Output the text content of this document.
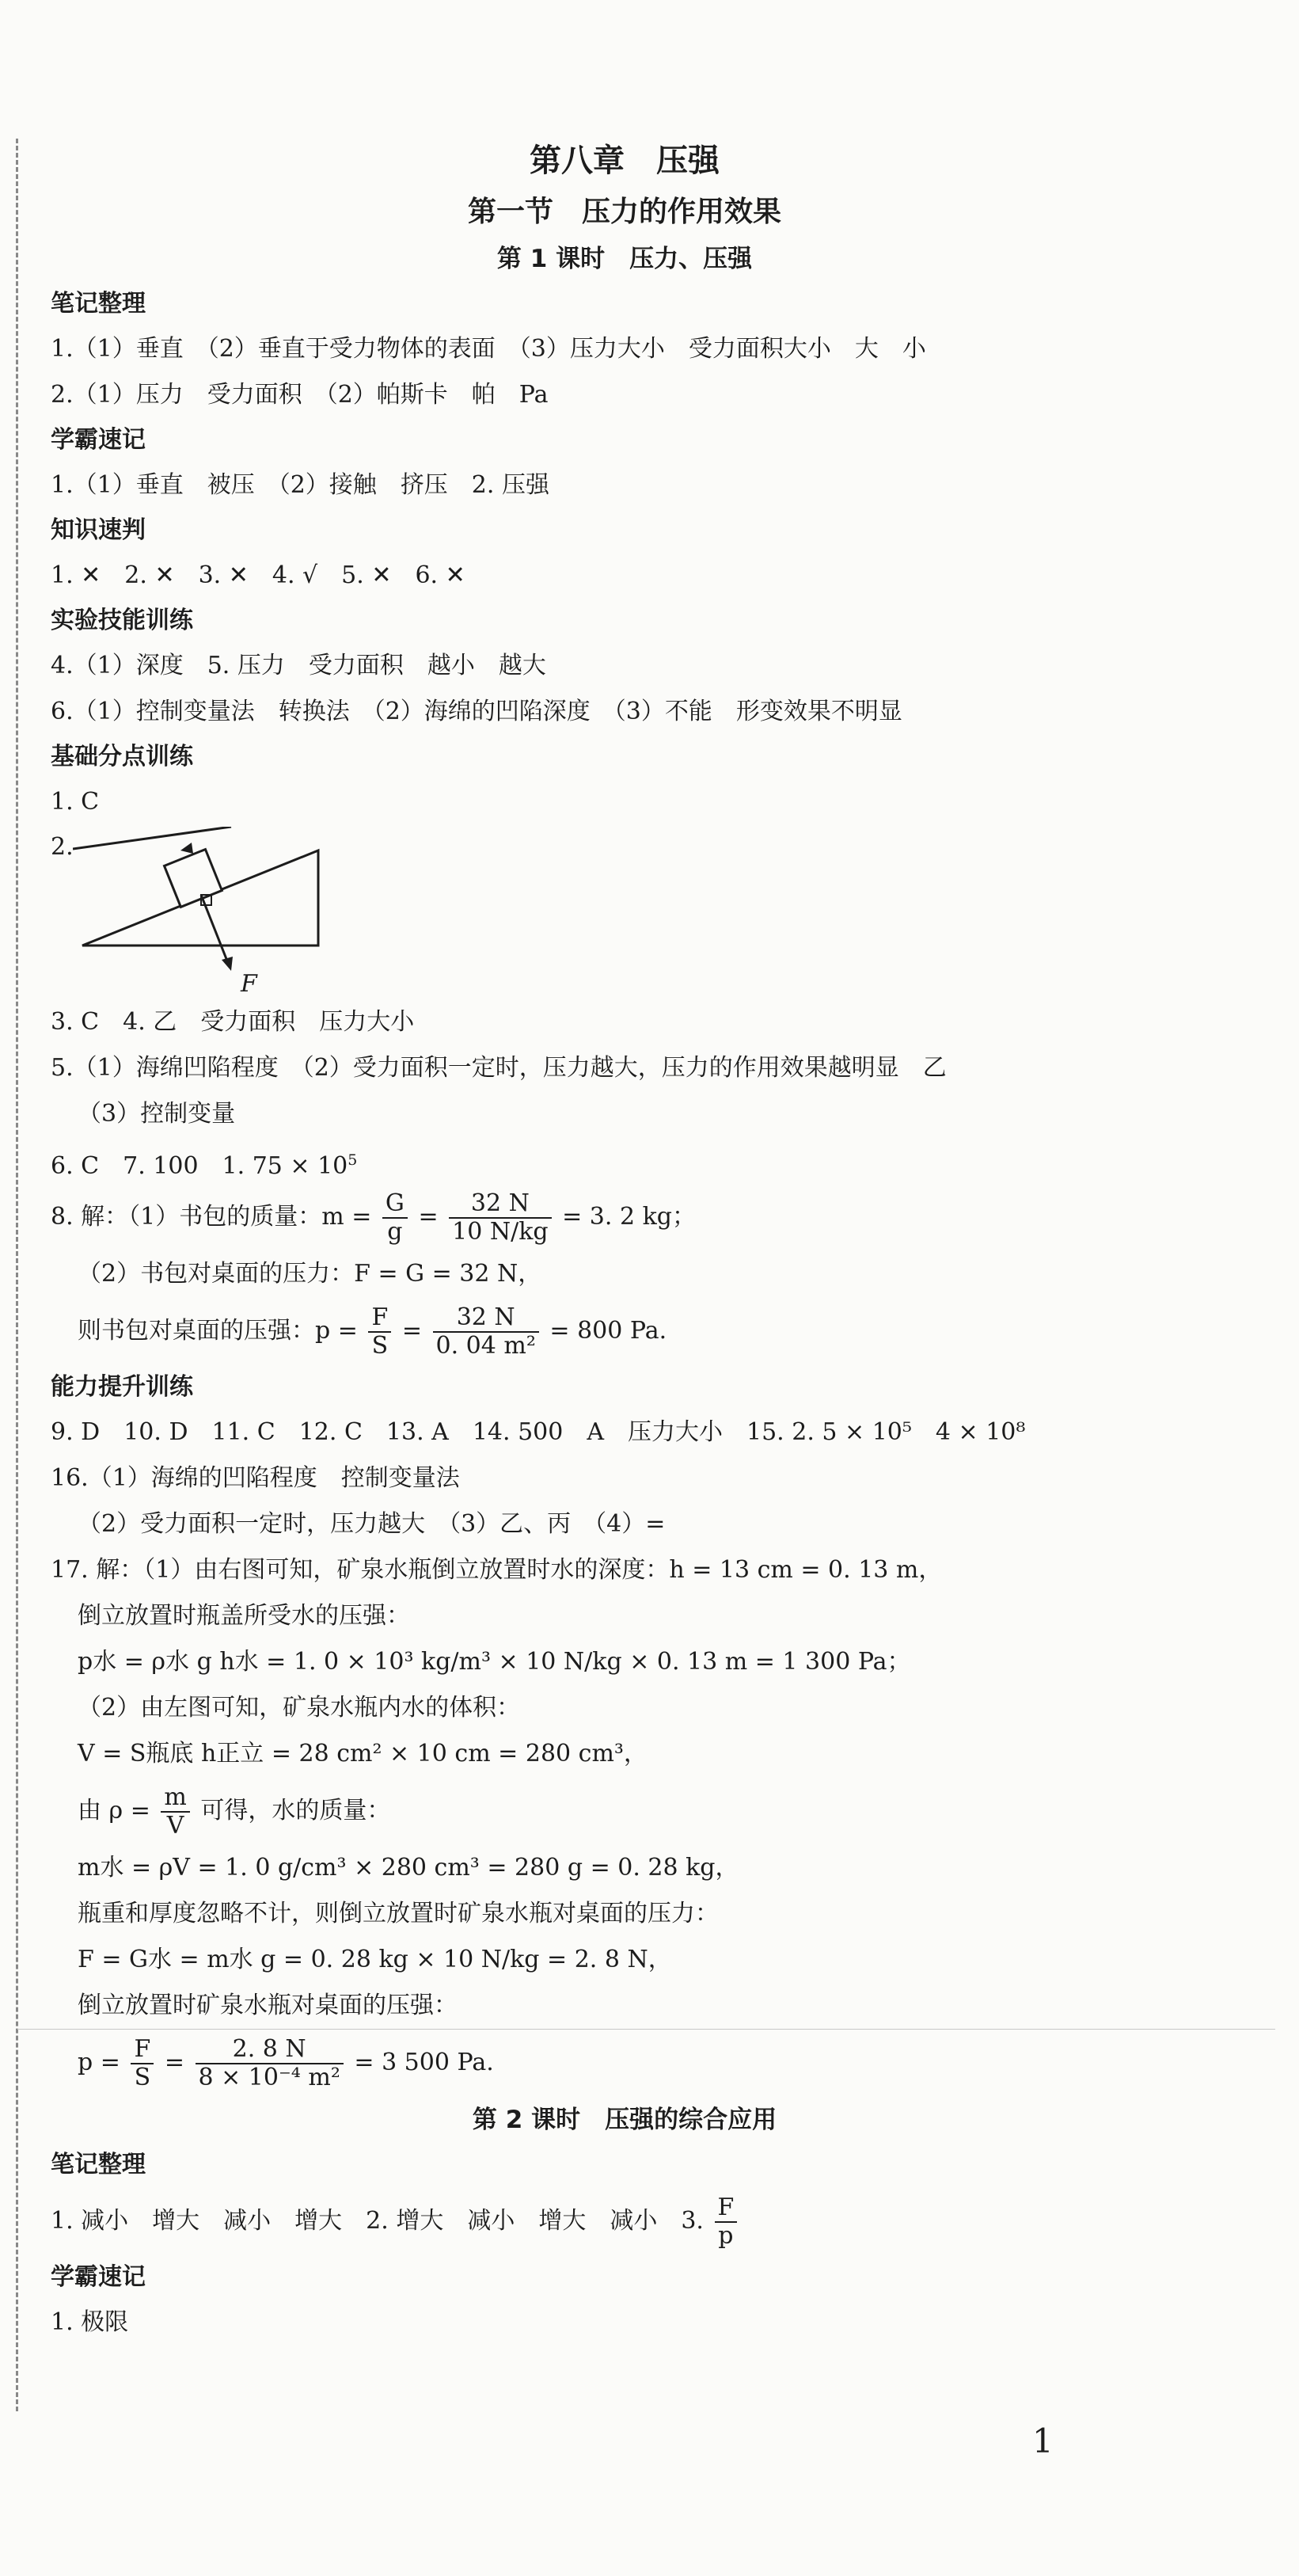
第八章　压强
第一节　压力的作用效果
第 1 课时　压力、压强
笔记整理
1.（1）垂直　（2）垂直于受力物体的表面　（3）压力大小　受力面积大小　大　小
2.（1）压力　受力面积　（2）帕斯卡　帕　Pa
学霸速记
1.（1）垂直　被压　（2）接触　挤压　2. 压强
知识速判
1. ✕　2. ✕　3. ✕　4. √　5. ✕　6. ✕
实验技能训练
4.（1）深度　5. 压力　受力面积　越小　越大
6.（1）控制变量法　转换法　（2）海绵的凹陷深度　（3）不能　形变效果不明显
基础分点训练
1. C
2.
F
3. C　4. 乙　受力面积　压力大小
5.（1）海绵凹陷程度　（2）受力面积一定时，压力越大，压力的作用效果越明显　乙
（3）控制变量
6. C　7. 100　1. $75 \times 10^5$
8. 解：（1）书包的质量：$m = \frac{G}{g} = \frac{32 N}{10 N/kg} = 3$. 2 kg；
（2）书包对桌面的压力：F = G = 32 N，
则书包对桌面的压强：$p = \frac{F}{S} = \frac{32 N}{\text{0. 04 m²}} = 800$ Pa.
能力提升训练
9. D　10. D　11. C　12. C　13. A　14. 500　A　压力大小　15. 2. 5 × 10⁵　4 × 10⁸
16.（1）海绵的凹陷程度　控制变量法
（2）受力面积一定时，压力越大　（3）乙、丙　（4）=
17. 解：（1）由右图可知，矿泉水瓶倒立放置时水的深度：h = 13 cm = 0. 13 m，
倒立放置时瓶盖所受水的压强：
p水 = ρ水 g h水 = 1. 0 × 10³ kg/m³ × 10 N/kg × 0. 13 m = 1 300 Pa；
（2）由左图可知，矿泉水瓶内水的体积：
V = S瓶底 h正立 = 28 cm² × 10 cm = 280 cm³，
由 $\rho = \frac{m}{V}$ 可得，水的质量：
m水 = ρV = 1. 0 g/cm³ × 280 cm³ = 280 g = 0. 28 kg，
瓶重和厚度忽略不计，则倒立放置时矿泉水瓶对桌面的压力：
F = G水 = m水 g = 0. 28 kg × 10 N/kg = 2. 8 N，
倒立放置时矿泉水瓶对桌面的压强：
$p = \frac{F}{S} = \frac{2. 8 N}{\text{8 × 10⁻⁴ m²}} = 3$ 500 Pa.
第 2 课时　压强的综合应用
笔记整理
1. 减小　增大　减小　增大　2. 增大　减小　增大　减小　3. $\frac{F}{p}$
学霸速记
1. 极限
1
